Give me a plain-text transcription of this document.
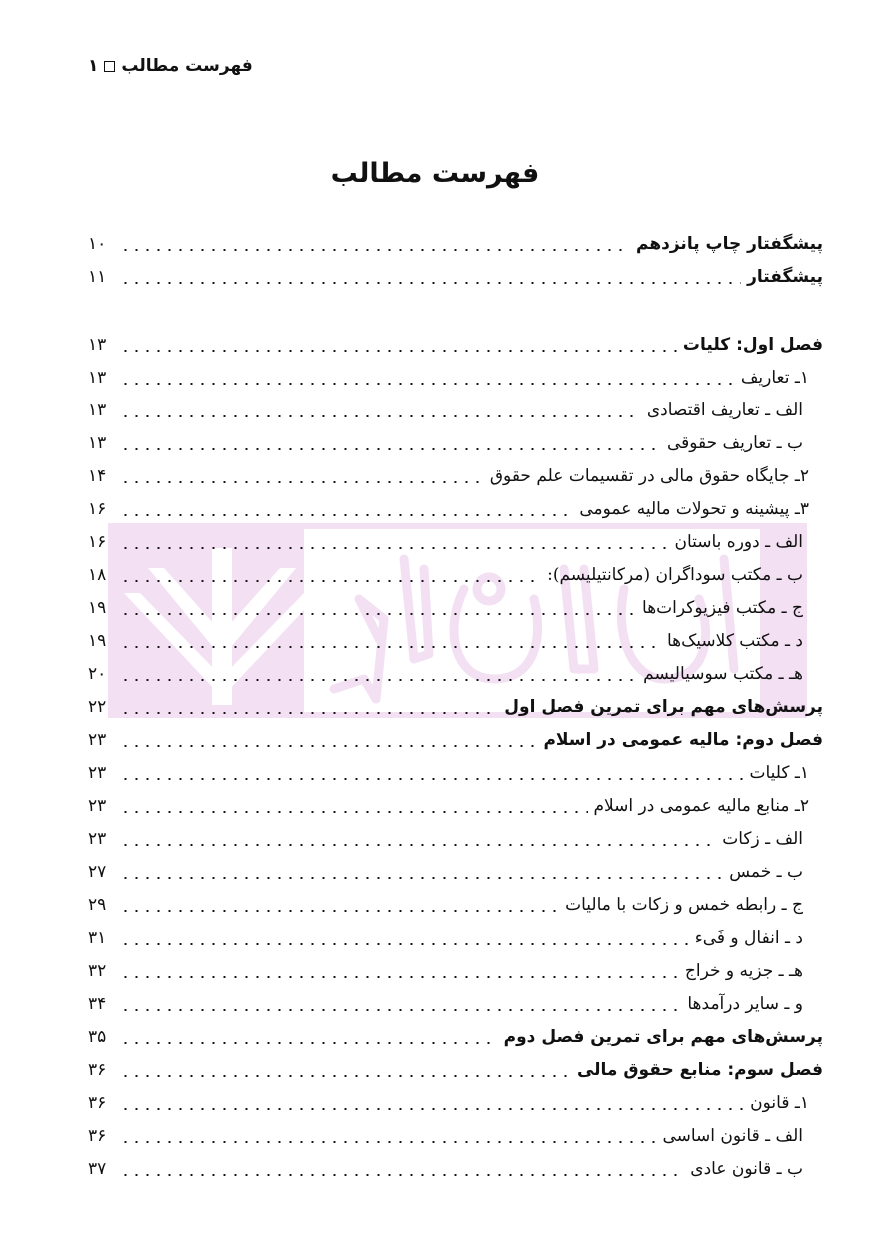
فهرست مطالب
۱
فهرست مطالب
پیشگفتار چاپ پانزدهم
۱۰
پیشگفتار
۱۱
فصل اول: کلیات
۱۳
۱ـ تعاریف
۱۳
الف ـ تعاریف اقتصادی
۱۳
ب ـ تعاریف حقوقی
۱۳
۲ـ جایگاه حقوق مالی در تقسیمات علم حقوق
۱۴
۳ـ پیشینه و تحولات مالیه عمومی
۱۶
الف ـ دوره باستان
۱۶
ب ـ مکتب سوداگران (مرکانتیلیسم):
۱۸
ج ـ مکتب فیزیوکرات‌ها
۱۹
د ـ مکتب کلاسیک‌ها
۱۹
هـ ـ مکتب سوسیالیسم
۲۰
پرسش‌های مهم برای تمرین فصل اول
۲۲
فصل دوم: مالیه عمومی در اسلام
۲۳
۱ـ کلیات
۲۳
۲ـ منابع مالیه عمومی در اسلام
۲۳
الف ـ زکات
۲۳
ب ـ خمس
۲۷
ج ـ رابطه خمس و زکات با مالیات
۲۹
د ـ انفال و فَیء
۳۱
هـ ـ جزیه و خراج
۳۲
و ـ سایر درآمدها
۳۴
پرسش‌های مهم برای تمرین فصل دوم
۳۵
فصل سوم: منابع حقوق مالی
۳۶
۱ـ قانون
۳۶
الف ـ قانون اساسی
۳۶
ب ـ قانون عادی
۳۷
